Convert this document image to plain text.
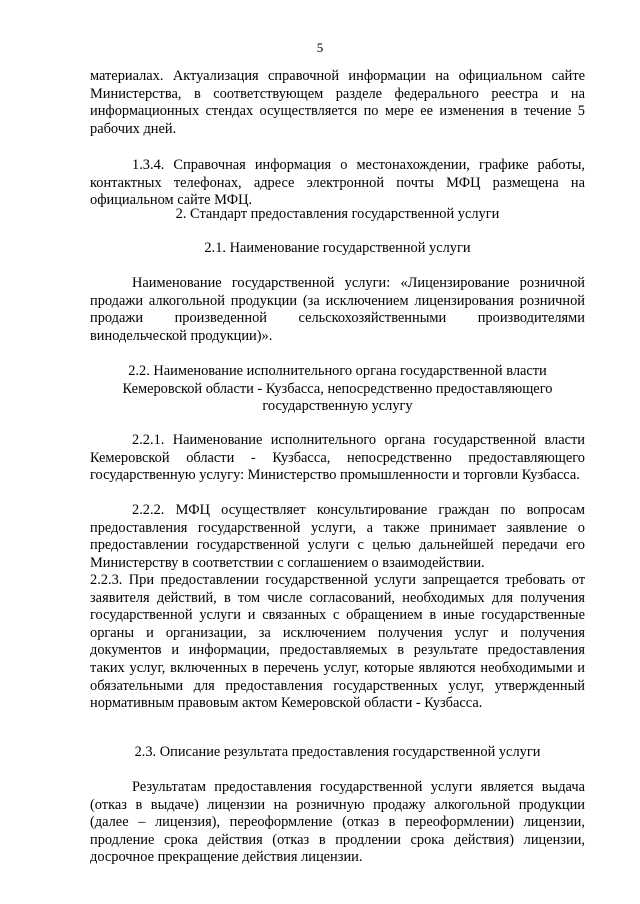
5

материалах. Актуализация справочной информации на официальном сайте Министерства, в соответствующем разделе федерального реестра и на информационных стендах осуществляется по мере ее изменения в течение 5 рабочих дней.

1.3.4. Справочная информация о местонахождении, графике работы, контактных телефонах, адресе электронной почты МФЦ размещена на официальном сайте МФЦ.

2. Стандарт предоставления государственной услуги

2.1. Наименование государственной услуги

Наименование государственной услуги: «Лицензирование розничной продажи алкогольной продукции (за исключением лицензирования розничной продажи произведенной сельскохозяйственными производителями винодельческой продукции)».

2.2. Наименование исполнительного органа государственной власти Кемеровской области - Кузбасса, непосредственно предоставляющего государственную услугу

2.2.1. Наименование исполнительного органа государственной власти Кемеровской области - Кузбасса, непосредственно предоставляющего государственную услугу: Министерство промышленности и торговли Кузбасса.

2.2.2. МФЦ осуществляет консультирование граждан по вопросам предоставления государственной услуги, а также принимает заявление о предоставлении государственной услуги с целью дальнейшей передачи его Министерству в соответствии с соглашением о взаимодействии.

2.2.3. При предоставлении государственной услуги запрещается требовать от заявителя действий, в том числе согласований, необходимых для получения государственной услуги и связанных с обращением в иные государственные органы и организации, за исключением получения услуг и получения документов и информации, предоставляемых в результате предоставления таких услуг, включенных в перечень услуг, которые являются необходимыми и обязательными для предоставления государственных услуг, утвержденный нормативным правовым актом Кемеровской области - Кузбасса.

2.3. Описание результата предоставления государственной услуги

Результатам предоставления государственной услуги является выдача (отказ в выдаче) лицензии на розничную продажу алкогольной продукции (далее – лицензия), переоформление (отказ в переоформлении) лицензии, продление срока действия (отказ в продлении срока действия) лицензии, досрочное прекращение действия лицензии.
